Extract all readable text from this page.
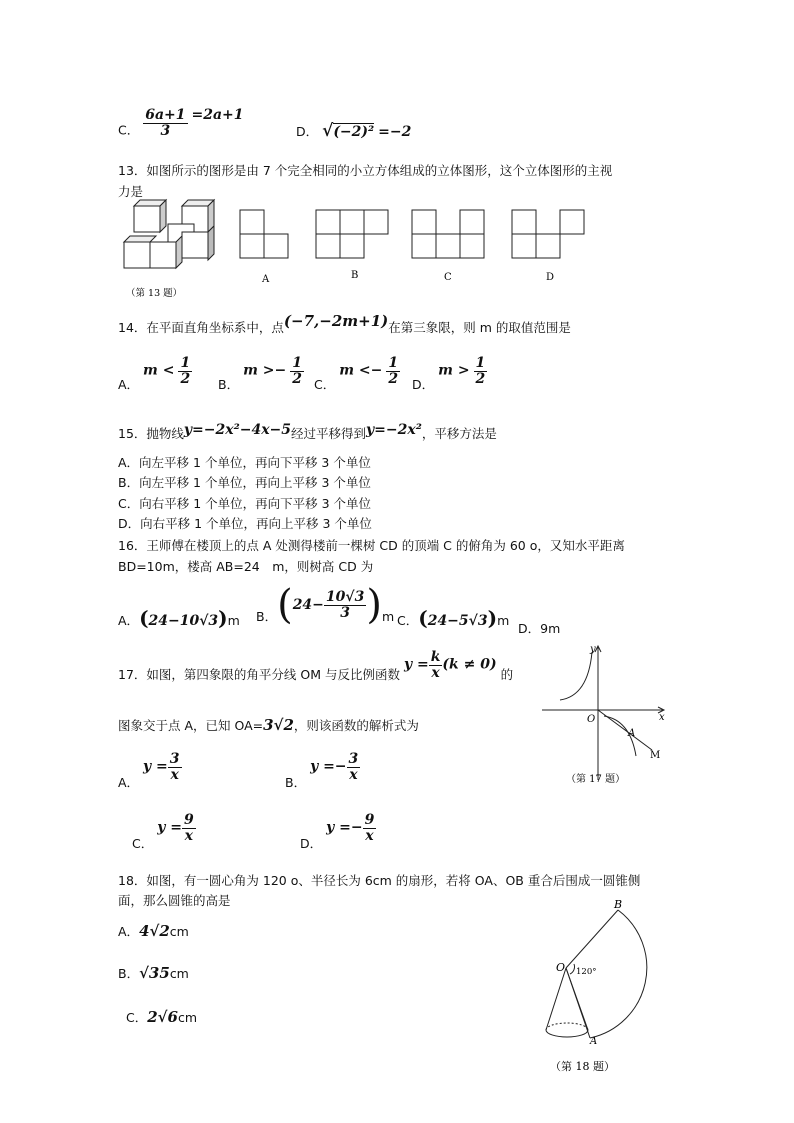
C． $\frac{6a+1}{3} =2a+1$
D． √(−2)² =−2
13．如图所示的图形是由 7 个完全相同的小立方体组成的立体图形，这个立体图形的主视
力是
（第 13 题）
A	B	C	D
14．在平面直角坐标系中，点(−7,−2m+1)在第三象限，则 m 的取值范围是
A． $m < \frac{1}{2}$ B． $m >- \frac{1}{2}$ C． $m <- \frac{1}{2}$ D． $m > \frac{1}{2}$
15．抛物线y=−2x²−4x−5经过平移得到y=−2x²，平移方法是
A．向左平移 1 个单位，再向下平移 3 个单位
B．向左平移 1 个单位，再向上平移 3 个单位
C．向右平移 1 个单位，再向下平移 3 个单位
D．向右平移 1 个单位，再向上平移 3 个单位
16．王师傅在楼顶上的点 A 处测得楼前一棵树 CD 的顶端 C 的俯角为 60 o，又知水平距离
BD=10m，楼高 AB=24　m，则树高 CD 为
A．(24−10√3)m B．$(24- \frac{10√3}{3} )m$ C．(24−5√3)m
D．9m
17．如图，第四象限的角平分线 OM 与反比例函数 $y = \frac{k}{x} (k \ne 0)$ 的
图象交于点 A，已知 OA=3√2，则该函数的解析式为
A． $y = \frac{3}{x}$	B． $y =- \frac{3}{x}$
C． $y = \frac{9}{x}$	D． $y =- \frac{9}{x}$
y
x
O
A
M
（第 17 题）
18．如图，有一圆心角为 120 o、半径长为 6cm 的扇形，若将 OA、OB 重合后围成一圆锥侧
面，那么圆锥的高是
A．4√2cm
B．√35cm
C．2√6cm
B
O
A
120°
（第 18 题）
